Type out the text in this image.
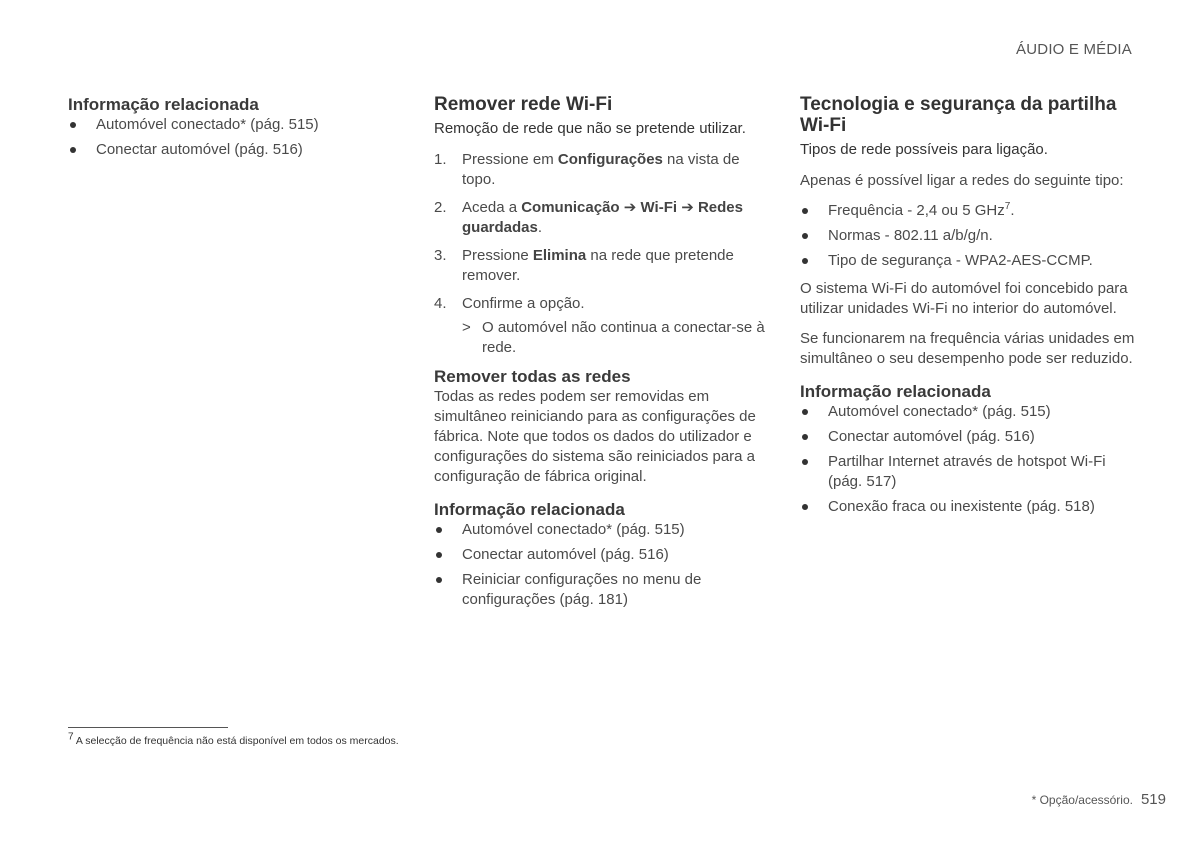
ÁUDIO E MÉDIA
Informação relacionada
Automóvel conectado* (pág. 515)
Conectar automóvel (pág. 516)
Remover rede Wi-Fi

Remoção de rede que não se pretende utilizar.

1. Pressione em Configurações na vista de topo.
2. Aceda a Comunicação ➔ Wi-Fi ➔ Redes guardadas.
3. Pressione Elimina na rede que pretende remover.
4. Confirme a opção.
> O automóvel não continua a conectar-se à rede.
Remover todas as redes

Todas as redes podem ser removidas em simultâneo reiniciando para as configurações de fábrica. Note que todos os dados do utilizador e configurações do sistema são reiniciados para a configuração de fábrica original.

Informação relacionada
Automóvel conectado* (pág. 515)
Conectar automóvel (pág. 516)
Reiniciar configurações no menu de configurações (pág. 181)
Tecnologia e segurança da partilha Wi-Fi

Tipos de rede possíveis para ligação.

Apenas é possível ligar a redes do seguinte tipo:

Frequência - 2,4 ou 5 GHz$^7$.
Normas - 802.11 a/b/g/n.
Tipo de segurança - WPA2-AES-CCMP.

O sistema Wi-Fi do automóvel foi concebido para utilizar unidades Wi-Fi no interior do automóvel.

Se funcionarem na frequência várias unidades em simultâneo o seu desempenho pode ser reduzido.

Informação relacionada
Automóvel conectado* (pág. 515)
Conectar automóvel (pág. 516)
Partilhar Internet através de hotspot Wi-Fi (pág. 517)
Conexão fraca ou inexistente (pág. 518)
$^7$ A selecção de frequência não está disponível em todos os mercados.
* Opção/acessório. 519
